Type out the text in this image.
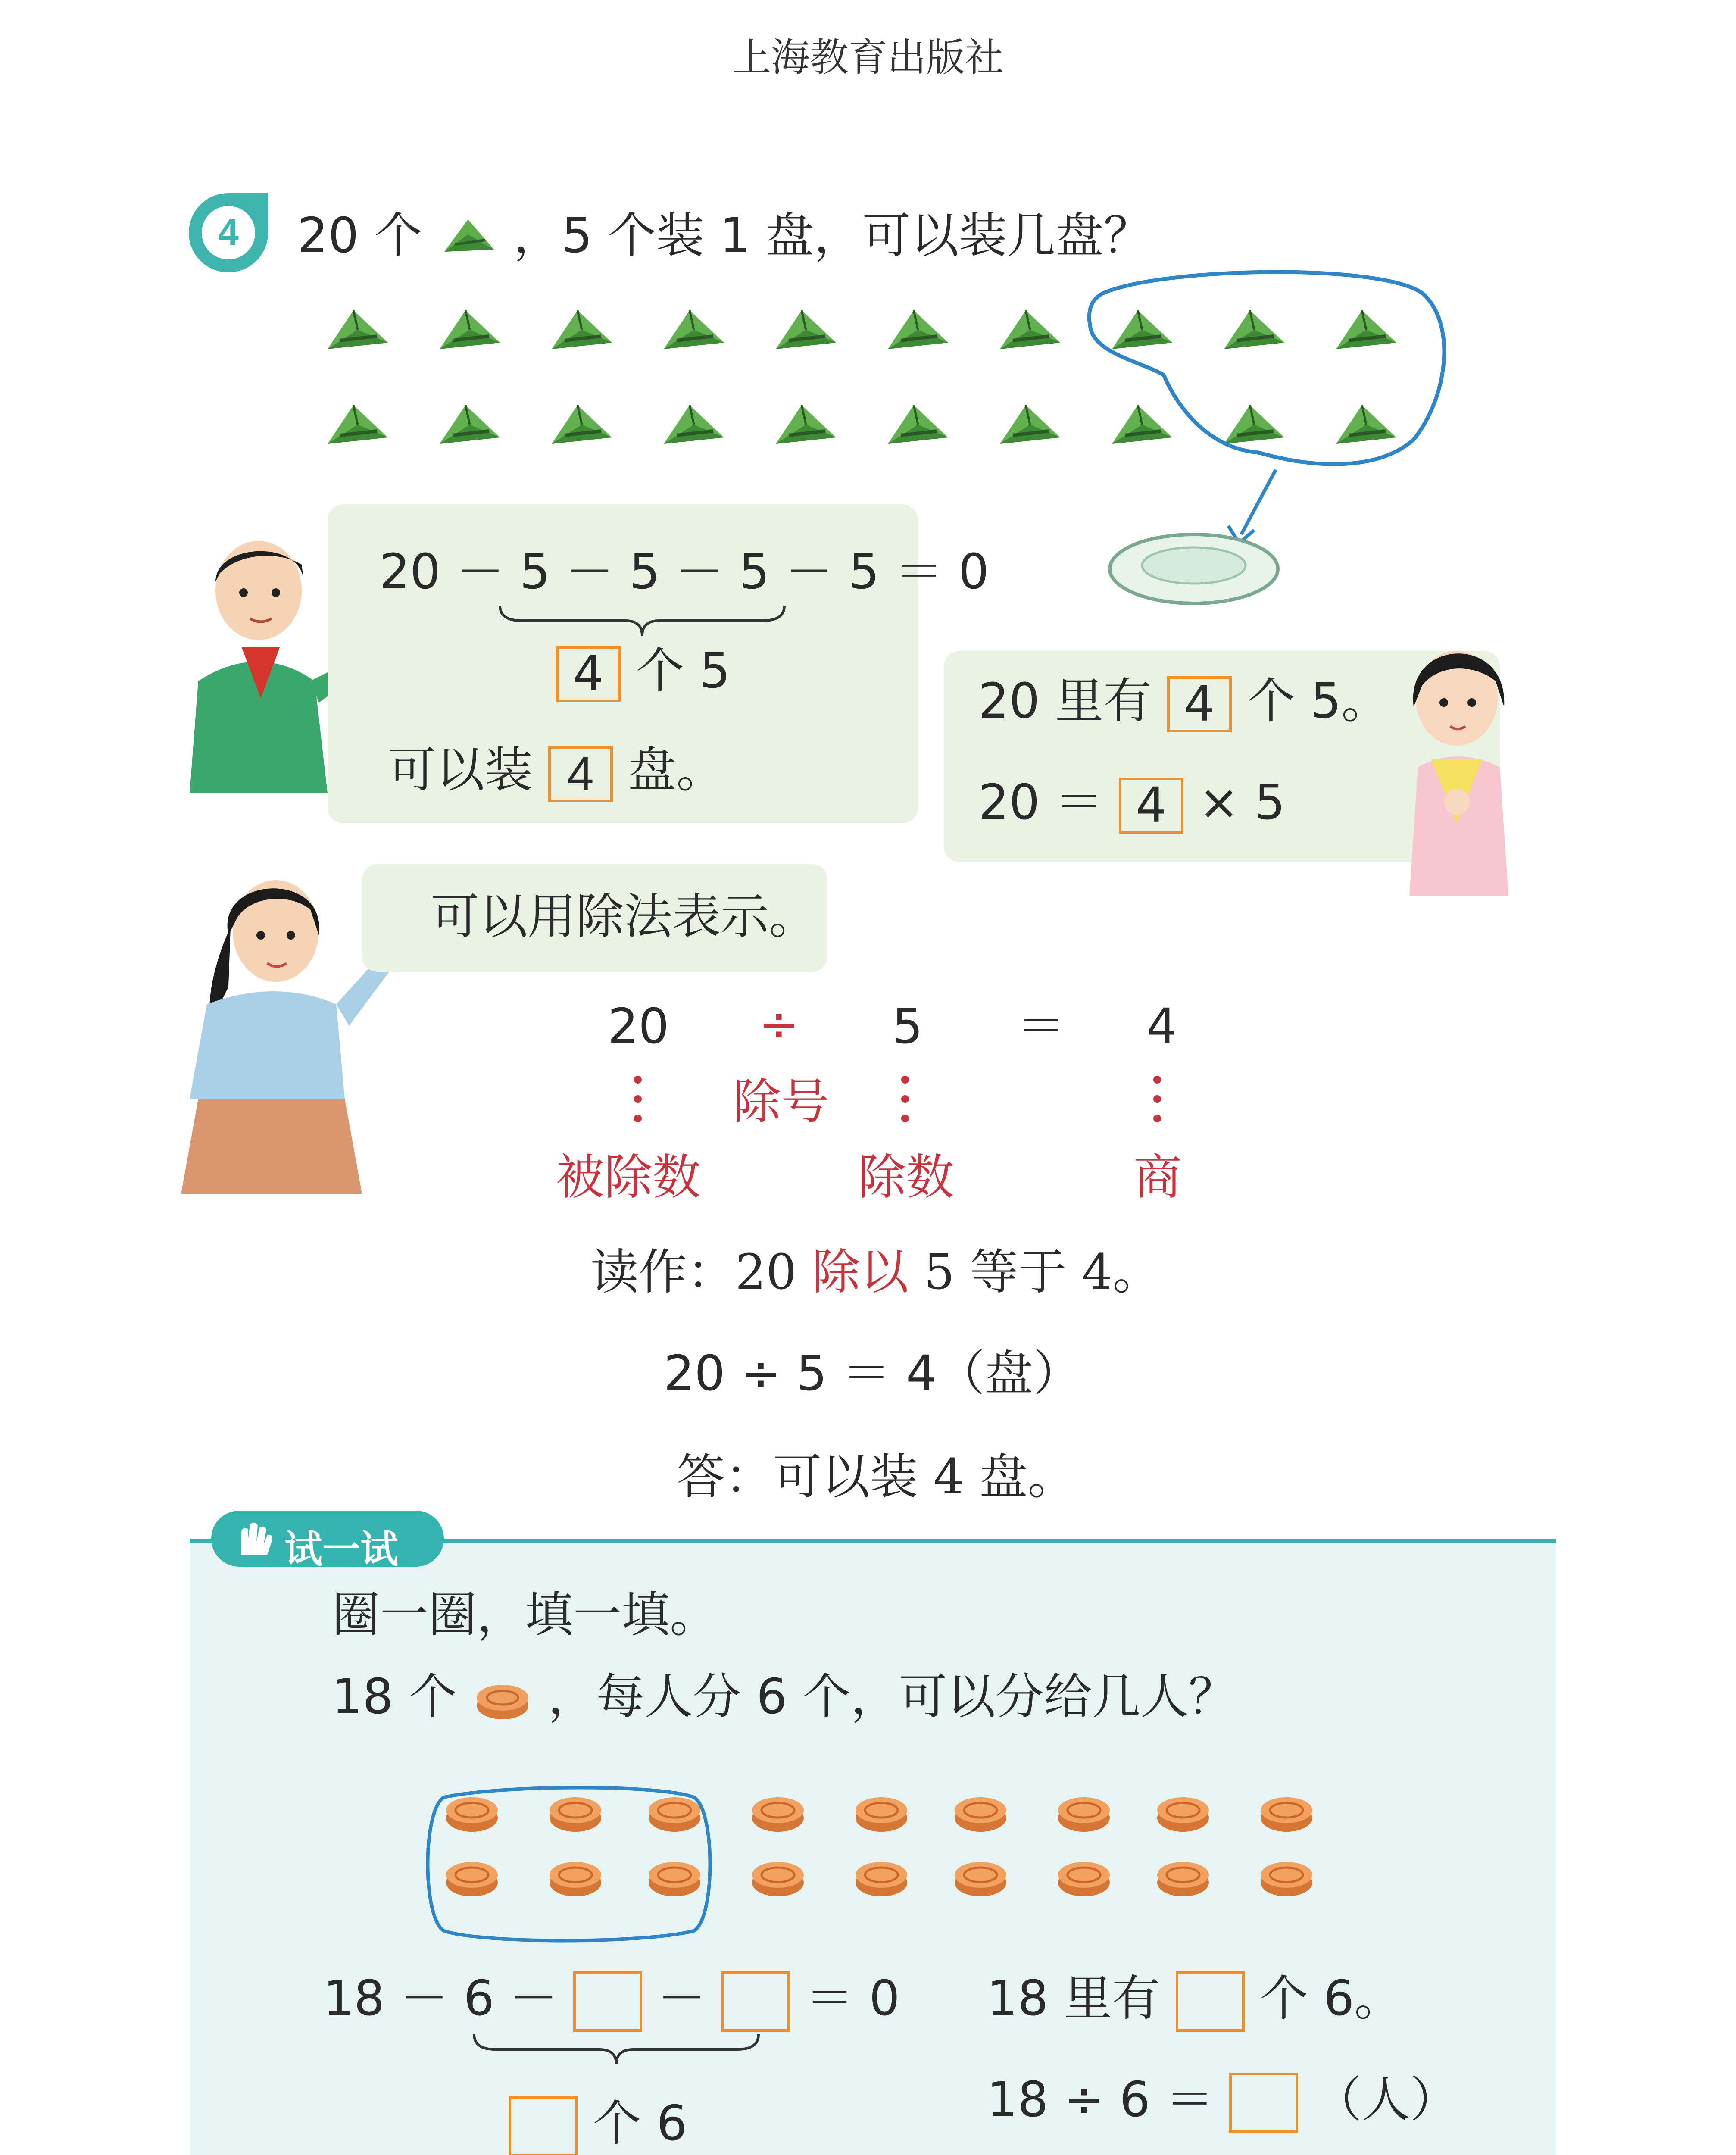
上海教育出版社
4 20 个 ，5 个装 1 盘，可以装几盘？
20 － 5 － 5 － 5 － 5 ＝ 0
4 个 5
可以装 4 盘。
20 里有 4 个 5。
20 ＝ 4 × 5
可以用除法表示。
20 ÷ 5 ＝ 4
除号
被除数	除数	商
读作：20 除以 5 等于 4。
20 ÷ 5 ＝ 4（盘）
答：可以装 4 盘。
试一试
圈一圈，填一填。
18 个 ，每人分 6 个，可以分给几人？
18 － 6 － － ＝ 0
个 6
18 里有 个 6。
18 ÷ 6 ＝ （人）
